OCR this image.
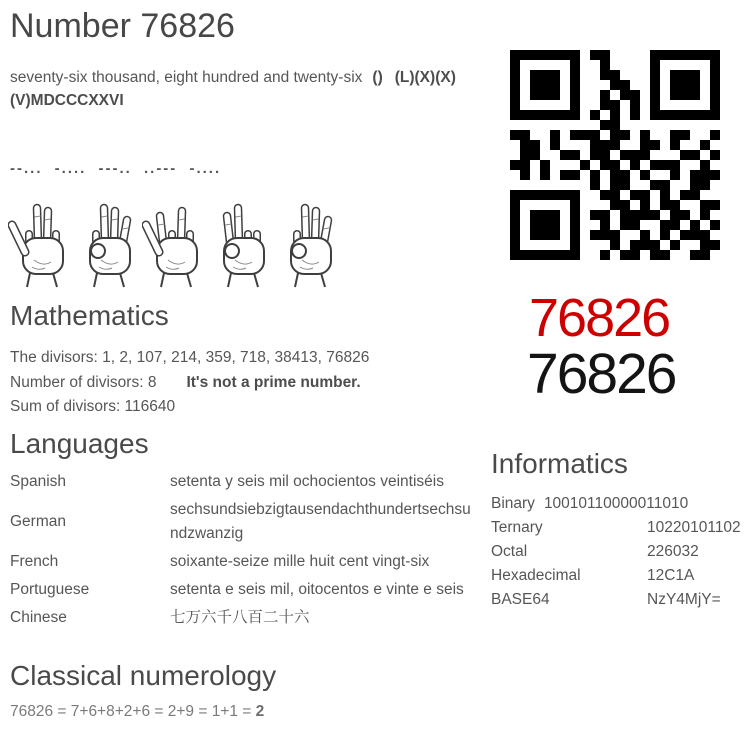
Number 76826

seventy-six thousand, eight hundred and twenty-six () (L)(X)(X)(V)MDCCCXXVI

--... -.... ---.. ..--- -....
76826
76826
Mathematics
The divisors: 1, 2, 107, 214, 359, 718, 38413, 76826
Number of divisors: 8 It's not a prime number.
Sum of divisors: 116640
Languages
Spanish	setenta y seis mil ochocientos veintiséis
German	sechsundsiebzigtausendachthundertsechsundzwanzig
French	soixante-seize mille huit cent vingt-six
Portuguese	setenta e seis mil, oitocentos e vinte e seis
Chinese	七万六千八百二十六
Informatics
Binary 10010110000011010
Ternary	10220101102
Octal	226032
Hexadecimal	12C1A
BASE64	NzY4MjY=
Classical numerology
76826 = 7+6+8+2+6 = 2+9 = 1+1 = 2
